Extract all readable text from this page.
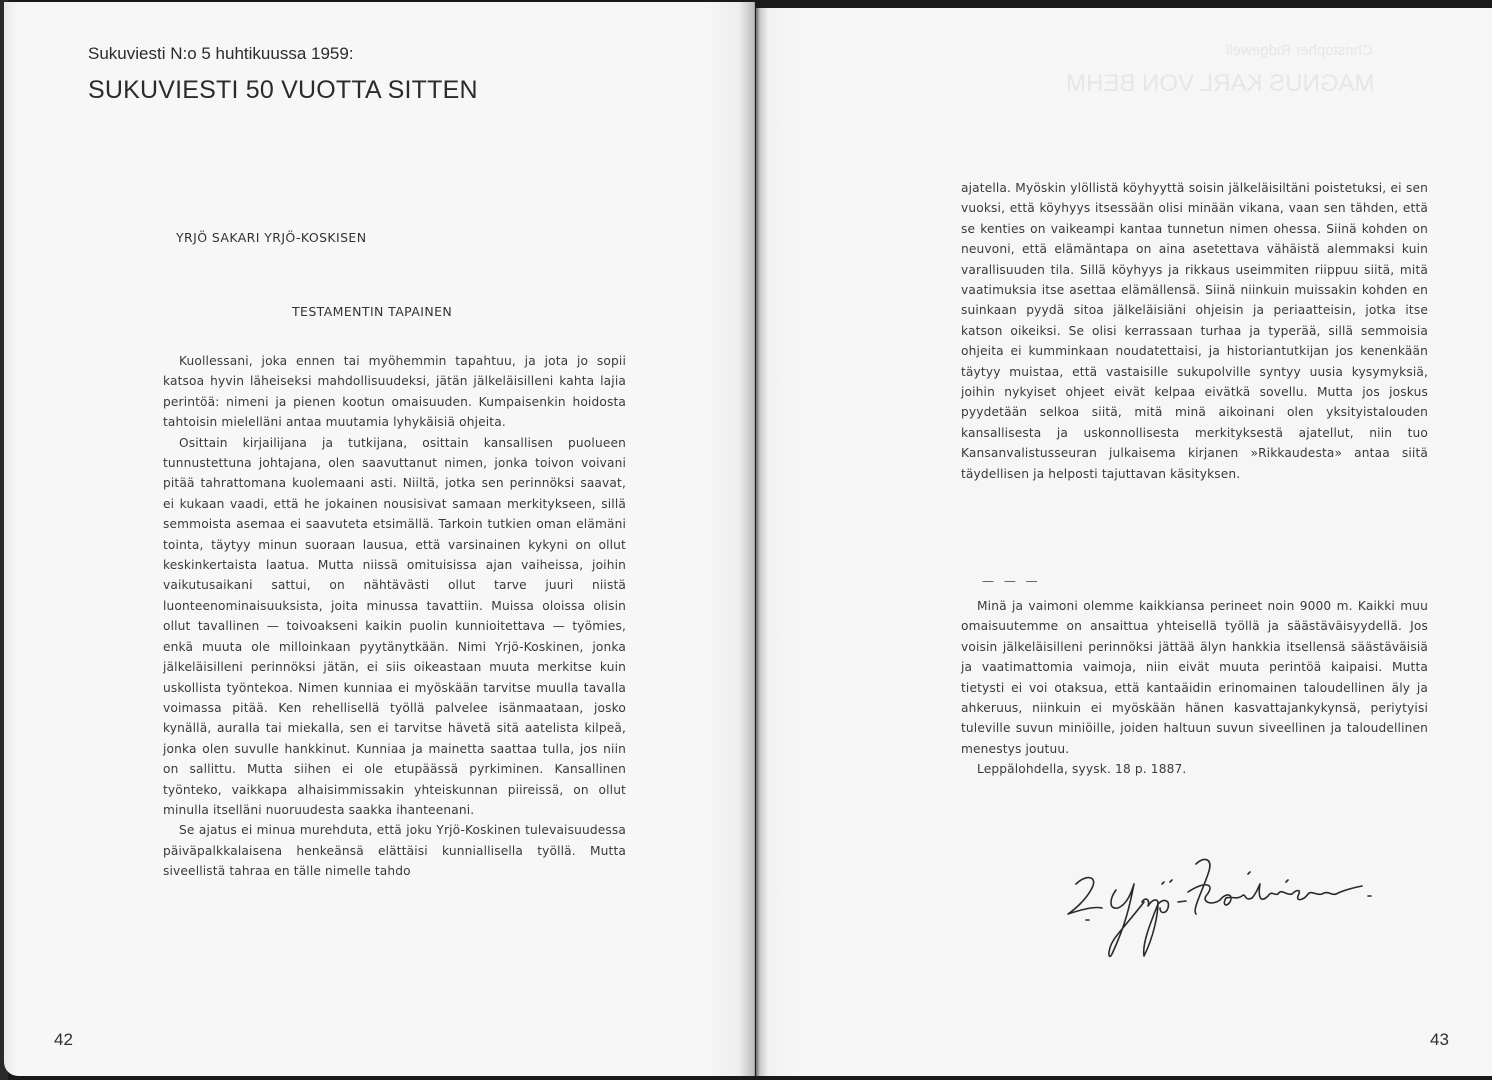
Sukuviesti N:o 5 huhtikuussa 1959:
SUKUVIESTI 50 VUOTTA SITTEN
YRJÖ SAKARI YRJÖ-KOSKISEN
TESTAMENTIN TAPAINEN

Kuollessani, joka ennen tai myöhemmin tapahtuu, ja jota jo sopii katsoa hyvin läheiseksi mahdollisuudeksi, jätän jälkeläisilleni kahta lajia perintöä: nimeni ja pienen kootun omaisuuden. Kumpaisenkin hoidosta tahtoisin mielelläni antaa muutamia lyhykäisiä ohjeita.

Osittain kirjailijana ja tutkijana, osittain kansallisen puolueen tunnustettuna johtajana, olen saavuttanut nimen, jonka toivon voivani pitää tahrattomana kuolemaani asti. Niiltä, jotka sen perinnöksi saavat, ei kukaan vaadi, että he jokainen nousisivat samaan merkitykseen, sillä semmoista asemaa ei saavuteta etsimällä. Tarkoin tutkien oman elämäni tointa, täytyy minun suoraan lausua, että varsinainen kykyni on ollut keskinkertaista laatua. Mutta niissä omituisissa ajan vaiheissa, joihin vaikutusaikani sattui, on nähtävästi ollut tarve juuri niistä luonteenominaisuuksista, joita minussa tavattiin. Muissa oloissa olisin ollut tavallinen — toivoakseni kaikin puolin kunnioitettava — työmies, enkä muuta ole milloinkaan pyytänytkään. Nimi Yrjö-Koskinen, jonka jälkeläisilleni perinnöksi jätän, ei siis oikeastaan muuta merkitse kuin uskollista työntekoa. Nimen kunniaa ei myöskään tarvitse muulla tavalla voimassa pitää. Ken rehellisellä työllä palvelee isänmaataan, josko kynällä, auralla tai miekalla, sen ei tarvitse hävetä sitä aatelista kilpeä, jonka olen suvulle hankkinut. Kunniaa ja mainetta saattaa tulla, jos niin on sallittu. Mutta siihen ei ole etupäässä pyrkiminen. Kansallinen työnteko, vaikkapa alhaisimmissakin yhteiskunnan piireissä, on ollut minulla itselläni nuoruudesta saakka ihanteenani.

Se ajatus ei minua murehduta, että joku Yrjö-Koskinen tulevaisuudessa päiväpalkkalaisena henkeänsä elättäisi kunniallisella työllä. Mutta siveellistä tahraa en tälle nimelle tahdo

42
Christopher Ridgewell
MAGNUS KARL VON BEHM

ajatella. Myöskin ylöllistä köyhyyttä soisin jälkeläisiltäni poistetuksi, ei sen vuoksi, että köyhyys itsessään olisi minään vikana, vaan sen tähden, että se kenties on vaikeampi kantaa tunnetun nimen ohessa. Siinä kohden on neuvoni, että elämäntapa on aina asetettava vähäistä alemmaksi kuin varallisuuden tila. Sillä köyhyys ja rikkaus useimmiten riippuu siitä, mitä vaatimuksia itse asettaa elämällensä. Siinä niinkuin muissakin kohden en suinkaan pyydä sitoa jälkeläisiäni ohjeisin ja periaatteisin, jotka itse katson oikeiksi. Se olisi kerrassaan turhaa ja typerää, sillä semmoisia ohjeita ei kumminkaan noudatettaisi, ja historiantutkijan jos kenenkään täytyy muistaa, että vastaisille sukupolville syntyy uusia kysymyksiä, joihin nykyiset ohjeet eivät kelpaa eivätkä sovellu. Mutta jos joskus pyydetään selkoa siitä, mitä minä aikoinani olen yksityistalouden kansallisesta ja uskonnollisesta merkityksestä ajatellut, niin tuo Kansanvalistusseuran julkaisema kirjanen »Rikkaudesta» antaa siitä täydellisen ja helposti tajuttavan käsityksen.

— — —

Minä ja vaimoni olemme kaikkiansa perineet noin 9000 m. Kaikki muu omaisuutemme on ansaittua yhteisellä työllä ja säästäväisyydellä. Jos voisin jälkeläisilleni perinnöksi jättää älyn hankkia itsellensä säästäväisiä ja vaatimattomia vaimoja, niin eivät muuta perintöä kaipaisi. Mutta tietysti ei voi otaksua, että kantaäidin erinomainen taloudellinen äly ja ahkeruus, niinkuin ei myöskään hänen kasvattajankykynsä, periytyisi tuleville suvun miniöille, joiden haltuun suvun siveellinen ja taloudellinen menestys joutuu.

Leppälohdella, syysk. 18 p. 1887.

43
